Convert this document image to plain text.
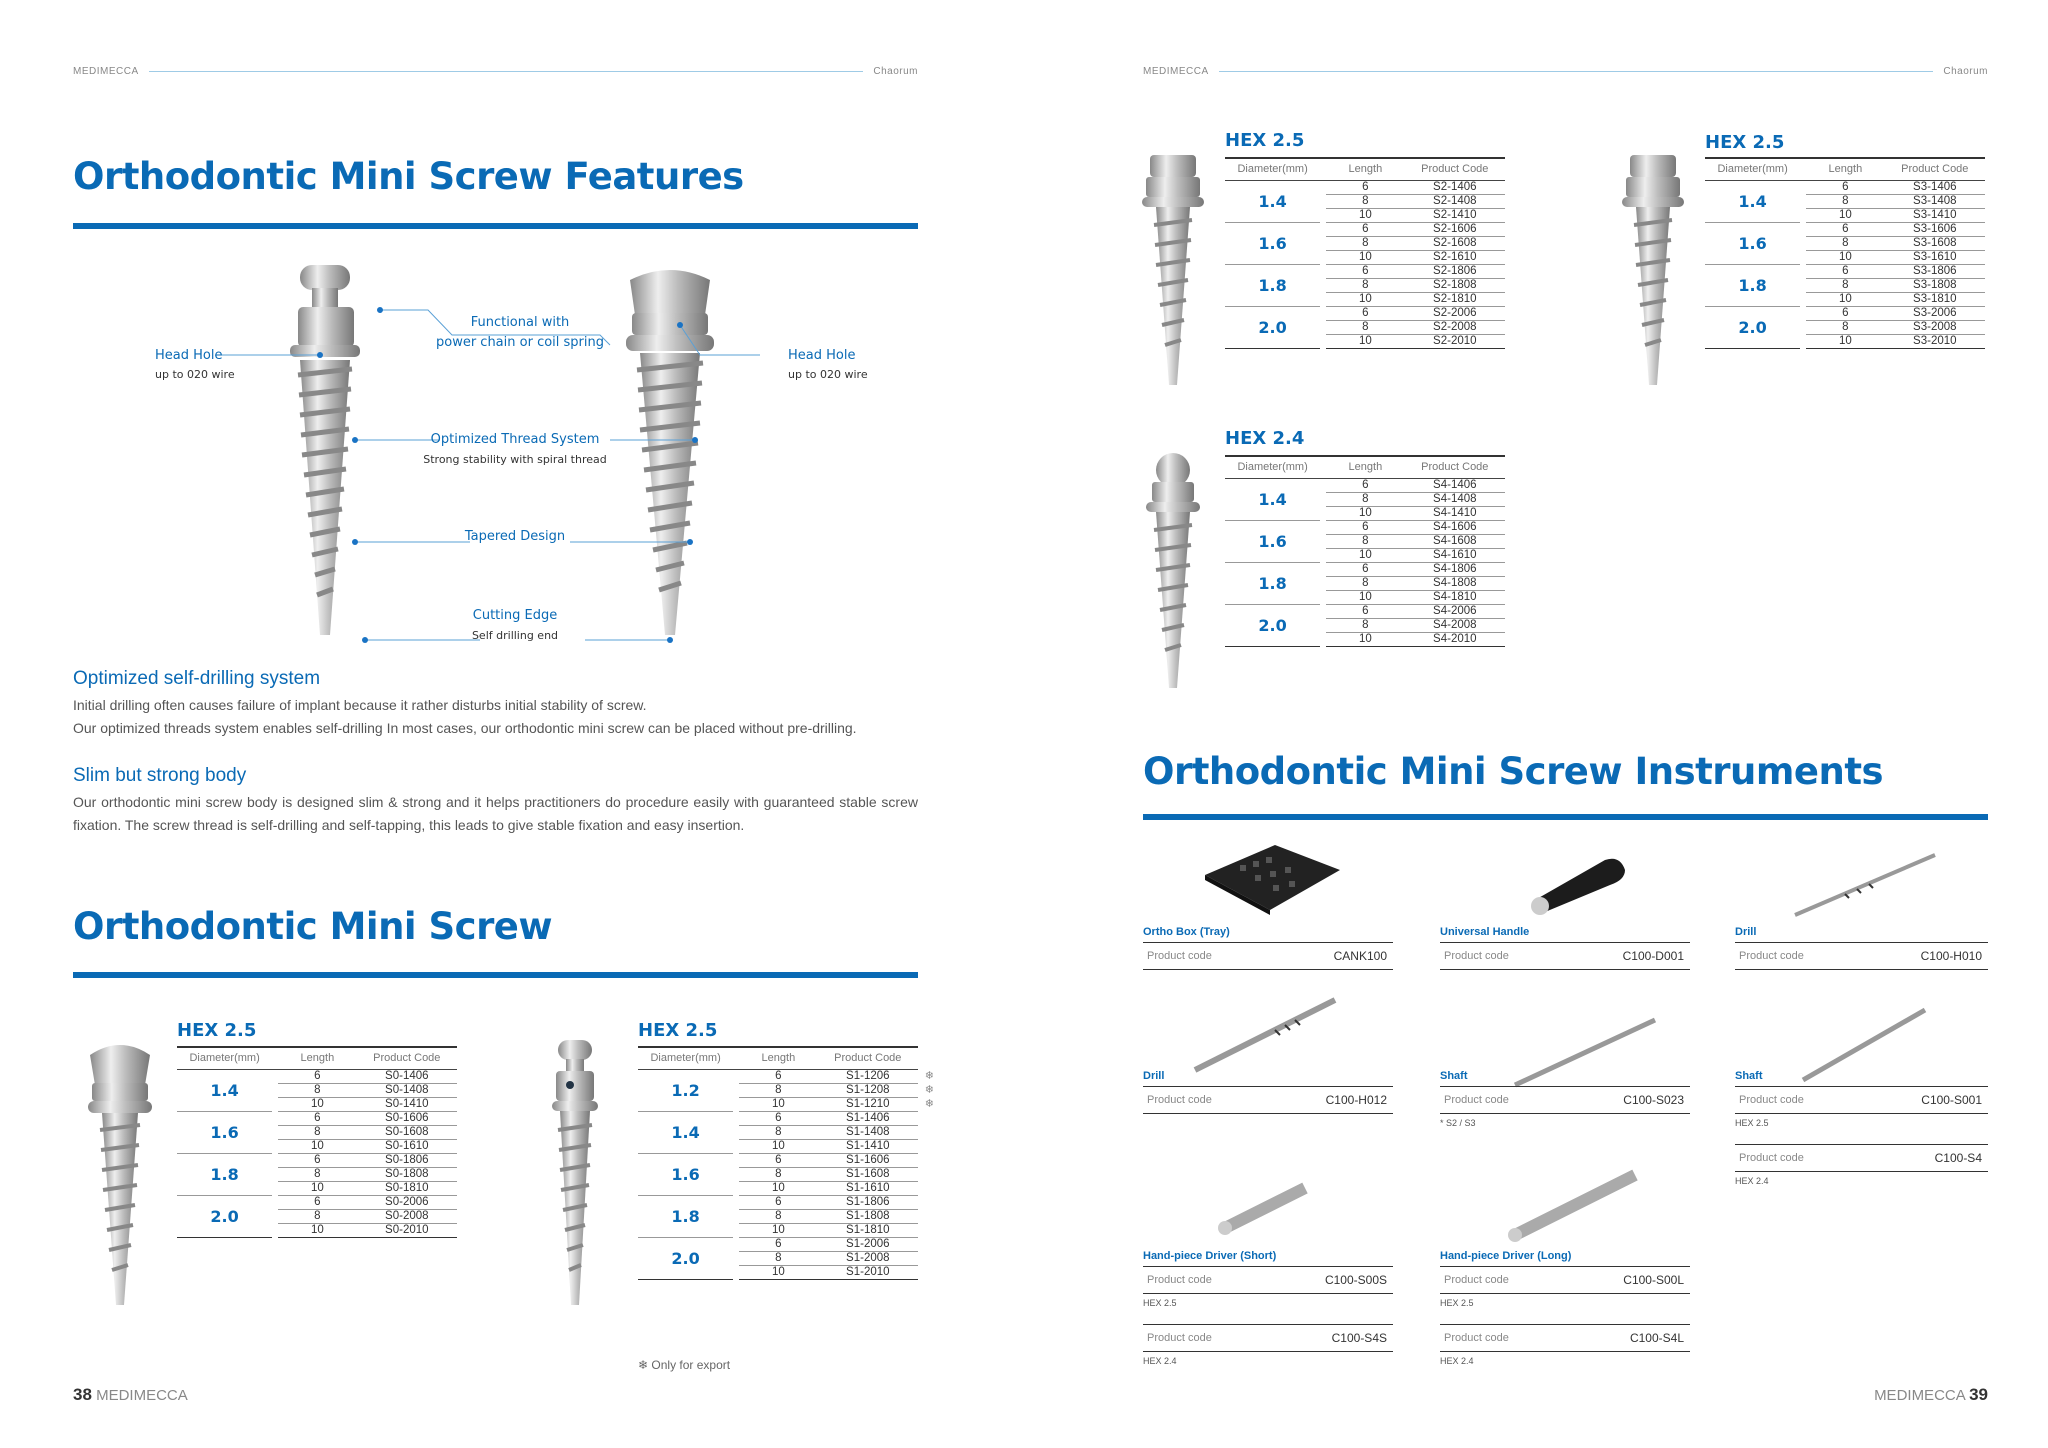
MEDIMECCA	Chaorum
Orthodontic Mini Screw Features
Head Hole
up to 020 wire
Functional with
power chain or coil spring
Head Hole
up to 020 wire
Optimized Thread System
Strong stability with spiral thread
Tapered Design
Cutting Edge
Self drilling end
Optimized self-drilling system
Initial drilling often causes failure of implant because it rather disturbs initial stability of screw.
Our optimized threads system enables self-drilling In most cases, our orthodontic mini screw can be placed without pre-drilling.
Slim but strong body
Our orthodontic mini screw body is designed slim & strong and it helps practitioners do procedure easily with guaranteed stable screw fixation. The screw thread is self-drilling and self-tapping, this leads to give stable fixation and easy insertion.
Orthodontic Mini Screw
HEX 2.5
Diameter(mm)		Length	Product Code
1.4		6	S0-1406
		8	S0-1408
		10	S0-1410
1.6		6	S0-1606
		8	S0-1608
		10	S0-1610
1.8		6	S0-1806
		8	S0-1808
		10	S0-1810
2.0		6	S0-2006
		8	S0-2008
		10	S0-2010
HEX 2.5
Diameter(mm)		Length	Product Code
1.2		6	S1-1206 ❄

		8	S1-1208 ❄

		10	S1-1210 ❄

1.4		6	S1-1406
		8	S1-1408
		10	S1-1410
1.6		6	S1-1606
		8	S1-1608
		10	S1-1610
1.8		6	S1-1806
		8	S1-1808
		10	S1-1810
2.0		6	S1-2006
		8	S1-2008
		10	S1-2010
❄ Only for export
38 MEDIMECCA
MEDIMECCA	Chaorum
HEX 2.5
Diameter(mm)		Length	Product Code
1.4		6	S2-1406
		8	S2-1408
		10	S2-1410
1.6		6	S2-1606
		8	S2-1608
		10	S2-1610
1.8		6	S2-1806
		8	S2-1808
		10	S2-1810
2.0		6	S2-2006
		8	S2-2008
		10	S2-2010
HEX 2.5
Diameter(mm)		Length	Product Code
1.4		6	S3-1406
		8	S3-1408
		10	S3-1410
1.6		6	S3-1606
		8	S3-1608
		10	S3-1610
1.8		6	S3-1806
		8	S3-1808
		10	S3-1810
2.0		6	S3-2006
		8	S3-2008
		10	S3-2010
HEX 2.4
Diameter(mm)		Length	Product Code
1.4		6	S4-1406
		8	S4-1408
		10	S4-1410
1.6		6	S4-1606
		8	S4-1608
		10	S4-1610
1.8		6	S4-1806
		8	S4-1808
		10	S4-1810
2.0		6	S4-2006
		8	S4-2008
		10	S4-2010
Orthodontic Mini Screw Instruments
Ortho Box (Tray)
Product code	CANK100
Universal Handle
Product code	C100-D001
Drill
Product code	C100-H010
Drill
Product code	C100-H012
Shaft
Product code	C100-S023
* S2 / S3
Shaft
Product code	C100-S001
HEX 2.5
Product code	C100-S4
HEX 2.4
Hand-piece Driver (Short)
Product code	C100-S00S
HEX 2.5
Product code	C100-S4S
HEX 2.4
Hand-piece Driver (Long)
Product code	C100-S00L
HEX 2.5
Product code	C100-S4L
HEX 2.4
MEDIMECCA 39
